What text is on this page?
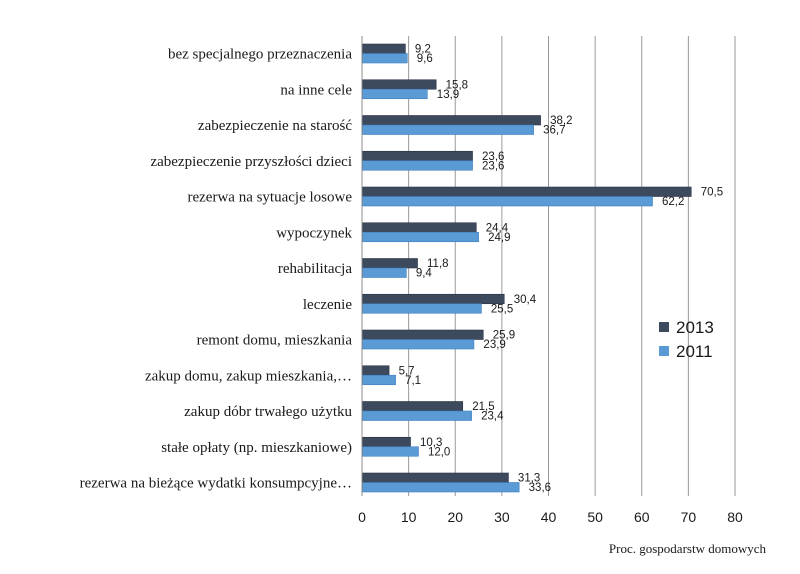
bez specjalnego przeznaczenia
na inne cele
zabezpieczenie na starość
zabezpieczenie przyszłości dzieci
rezerwa na sytuacje losowe
wypoczynek
rehabilitacja
leczenie
remont domu, mieszkania
zakup domu, zakup mieszkania,…
zakup dóbr trwałego użytku
stałe opłaty (np. mieszkaniowe)
rezerwa na bieżące wydatki konsumpcyjne…
9,2
9,6
15,8
13,9
38,2
36,7
23,6
23,6
70,5
62,2
24,4
24,9
11,8
9,4
30,4
25,5
25,9
23,9
5,7
7,1
21,5
23,4
10,3
12,0
31,3
33,6
0 10 20 30 40 50 60 70 80
Proc. gospodarstw domowych
2013
2011
